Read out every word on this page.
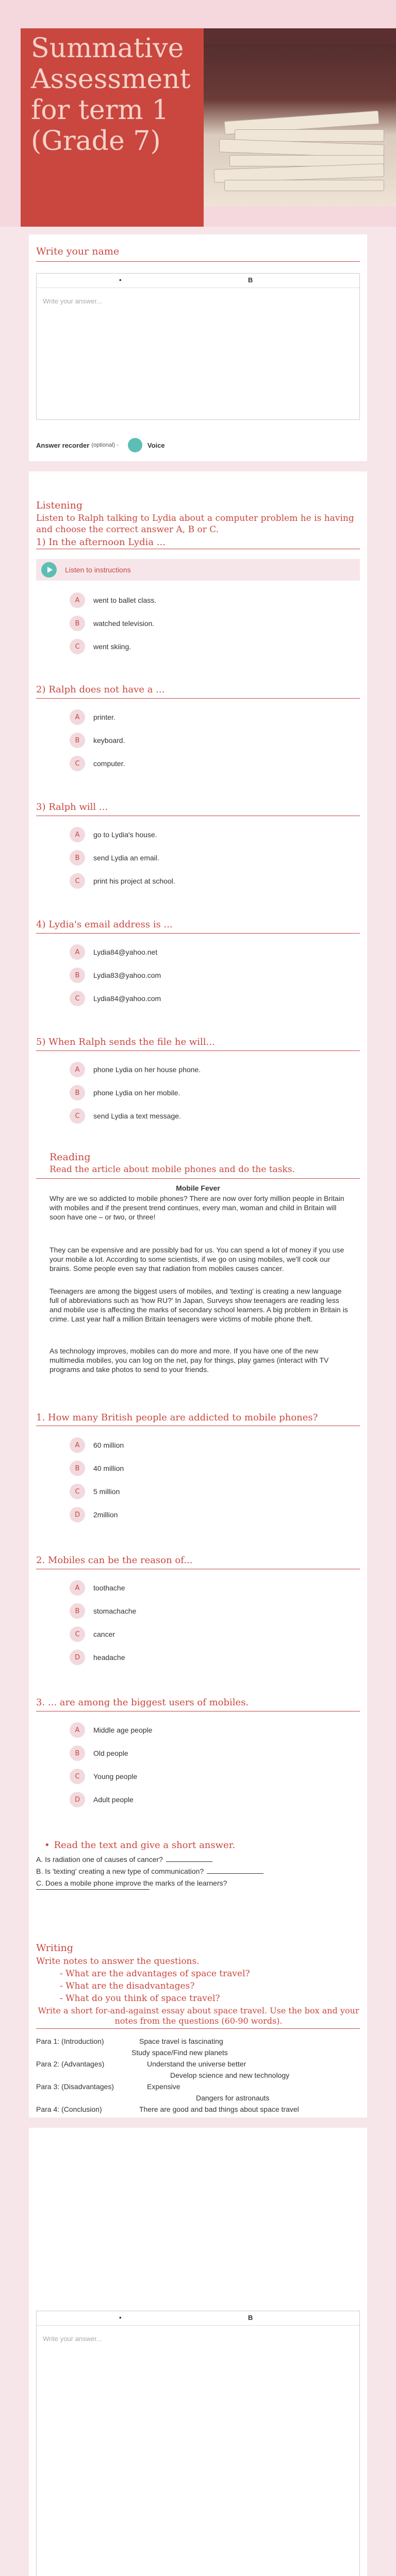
Summative Assessment for term 1 (Grade 7)
Write your name
•	B
Write your answer...
Answer recorder (optional) -	Voice
Listening
Listen to Ralph talking to Lydia about a computer problem he is having and choose the correct answer A, B or C.
1) In the afternoon Lydia ...
Listen to instructions
A	went to ballet class.
B	watched television.
C	went skiing.
2) Ralph does not have a ...
A	printer.
B	keyboard.
C	computer.
3) Ralph will ...
A	go to Lydia's house.
B	send Lydia an email.
C	print his project at school.
4) Lydia's email address is ...
A	Lydia84@yahoo.net
B	Lydia83@yahoo.com
C	Lydia84@yahoo.com
5) When Ralph sends the file he will...
A	phone Lydia on her house phone.
B	phone Lydia on her mobile.
C	send Lydia a text message.
Reading
Read the article about mobile phones and do the tasks.
Mobile Fever
Why are we so addicted to mobile phones? There are now over forty million people in Britain with mobiles and if the present trend continues, every man, woman and child in Britain will soon have one – or two, or three!
They can be expensive and are possibly bad for us. You can spend a lot of money if you use your mobile a lot. According to some scientists, if we go on using mobiles, we'll cook our brains. Some people even say that radiation from mobiles causes cancer.
Teenagers are among the biggest users of mobiles, and 'texting' is creating a new language full of abbreviations such as 'how RU?' In Japan, Surveys show teenagers are reading less and mobile use is affecting the marks of secondary school learners. A big problem in Britain is crime. Last year half a million Britain teenagers were victims of mobile phone theft.
As technology improves, mobiles can do more and more. If you have one of the new multimedia mobiles, you can log on the net, pay for things, play games (interact with TV programs and take photos to send to your friends.
1. How many British people are addicted to mobile phones?
A	60 million
B	40 million
C	5 million
D	2million
2. Mobiles can be the reason of...
A	toothache
B	stomachache
C	cancer
D	headache
3. ... are among the biggest users of mobiles.
A	Middle age people
B	Old people
C	Young people
D	Adult people
• Read the text and give a short answer.
A. Is radiation one of causes of cancer?
B. Is 'texting' creating a new type of communication?
C. Does a mobile phone improve the marks of the learners?
Writing
Write notes to answer the questions.
- What are the advantages of space travel?
- What are the disadvantages?
- What do you think of space travel?
Write a short for-and-against essay about space travel. Use the box and your notes from the questions (60-90 words).
Para 1: (Introduction)	Space travel is fascinating
Study space/Find new planets
Para 2: (Advantages)	Understand the universe better
Develop science and new technology
Para 3: (Disadvantages)	Expensive
Dangers for astronauts
Para 4: (Conclusion)	There are good and bad things about space travel
•	B
Write your answer...
